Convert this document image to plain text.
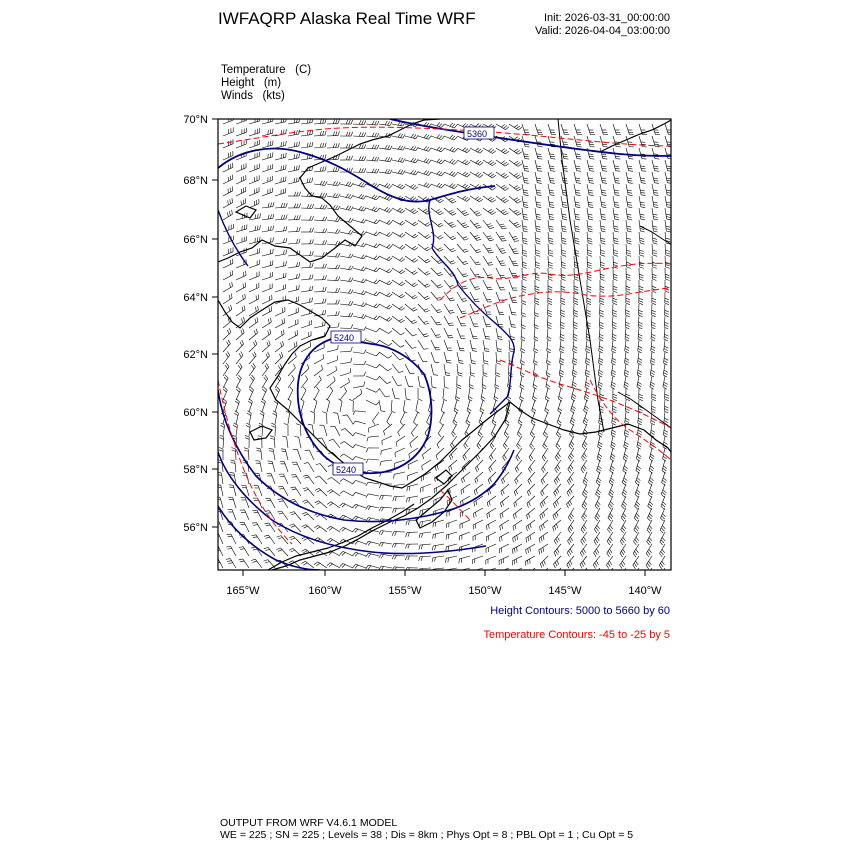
IWFAQRP Alaska Real Time WRF	Init: 2026-03-31_00:00:00
Valid: 2026-04-04_03:00:00
Temperature   (C)
Height   (m)
Winds   (kts)
5360
5240
5240
70°N
68°N
66°N
64°N
62°N
60°N
58°N
56°N
165°W	160°W	155°W	150°W	145°W	140°W
Height Contours: 5000 to 5660 by 60
Temperature Contours: -45 to -25 by 5
OUTPUT FROM WRF V4.6.1 MODEL
WE = 225 ; SN = 225 ; Levels = 38 ; Dis = 8km ; Phys Opt = 8 ; PBL Opt = 1 ; Cu Opt = 5
